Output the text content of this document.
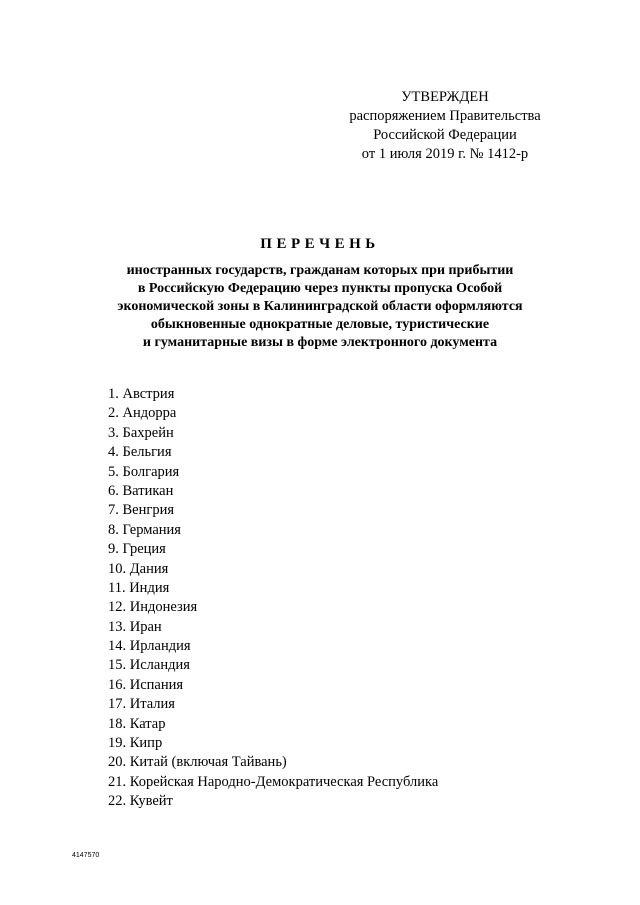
УТВЕРЖДЕН
распоряжением Правительства
Российской Федерации
от 1 июля 2019 г. № 1412-р
ПЕРЕЧЕНЬ
иностранных государств, гражданам которых при прибытии
в Российскую Федерацию через пункты пропуска Особой
экономической зоны в Калининградской области оформляются
обыкновенные однократные деловые, туристические
и гуманитарные визы в форме электронного документа
1. Австрия
2. Андорра
3. Бахрейн
4. Бельгия
5. Болгария
6. Ватикан
7. Венгрия
8. Германия
9. Греция
10. Дания
11. Индия
12. Индонезия
13. Иран
14. Ирландия
15. Исландия
16. Испания
17. Италия
18. Катар
19. Кипр
20. Китай (включая Тайвань)
21. Корейская Народно-Демократическая Республика
22. Кувейт
4147570
